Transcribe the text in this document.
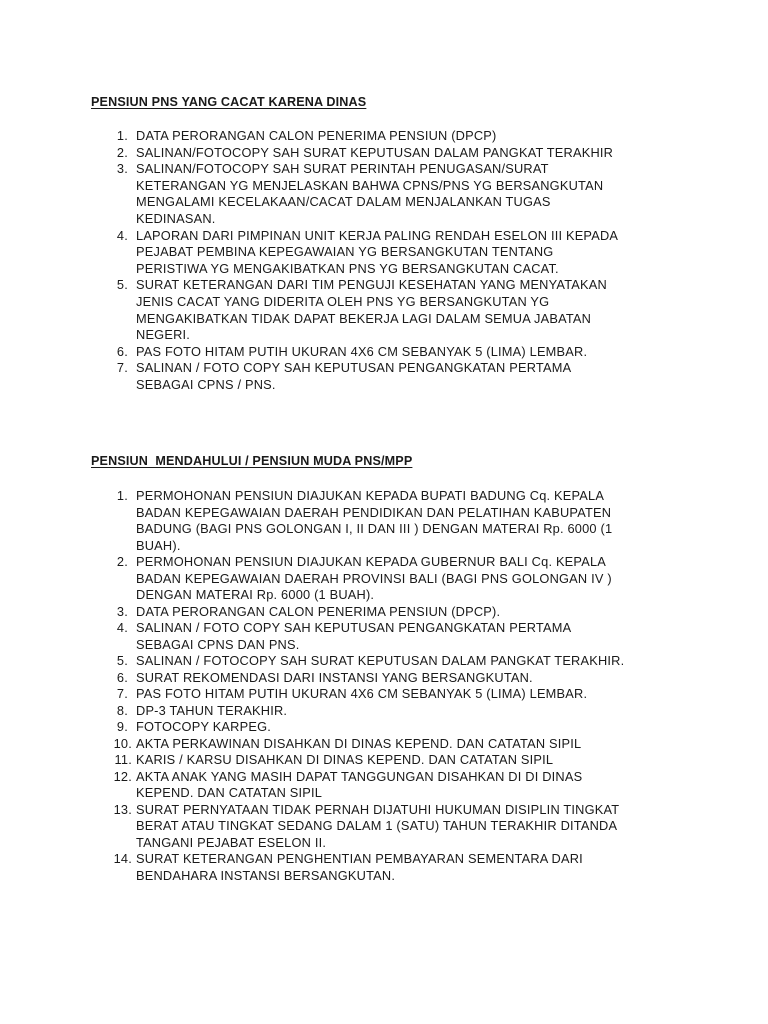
PENSIUN PNS YANG CACAT KARENA DINAS
1. DATA PERORANGAN CALON PENERIMA PENSIUN (DPCP)
2. SALINAN/FOTOCOPY SAH SURAT KEPUTUSAN DALAM PANGKAT TERAKHIR
3. SALINAN/FOTOCOPY SAH SURAT PERINTAH PENUGASAN/SURAT
KETERANGAN YG MENJELASKAN BAHWA CPNS/PNS YG BERSANGKUTAN
MENGALAMI KECELAKAAN/CACAT DALAM MENJALANKAN TUGAS
KEDINASAN.
4. LAPORAN DARI PIMPINAN UNIT KERJA PALING RENDAH ESELON III KEPADA
PEJABAT PEMBINA KEPEGAWAIAN YG BERSANGKUTAN TENTANG
PERISTIWA YG MENGAKIBATKAN PNS YG BERSANGKUTAN CACAT.
5. SURAT KETERANGAN DARI TIM PENGUJI KESEHATAN YANG MENYATAKAN
JENIS CACAT YANG DIDERITA OLEH PNS YG BERSANGKUTAN YG
MENGAKIBATKAN TIDAK DAPAT BEKERJA LAGI DALAM SEMUA JABATAN
NEGERI.
6. PAS FOTO HITAM PUTIH UKURAN 4X6 CM SEBANYAK 5 (LIMA) LEMBAR.
7. SALINAN / FOTO COPY SAH KEPUTUSAN PENGANGKATAN PERTAMA
SEBAGAI CPNS / PNS.
PENSIUN  MENDAHULUI / PENSIUN MUDA PNS/MPP
1. PERMOHONAN PENSIUN DIAJUKAN KEPADA BUPATI BADUNG Cq. KEPALA
BADAN KEPEGAWAIAN DAERAH PENDIDIKAN DAN PELATIHAN KABUPATEN
BADUNG (BAGI PNS GOLONGAN I, II DAN III ) DENGAN MATERAI Rp. 6000 (1
BUAH).
2. PERMOHONAN PENSIUN DIAJUKAN KEPADA GUBERNUR BALI Cq. KEPALA
BADAN KEPEGAWAIAN DAERAH PROVINSI BALI (BAGI PNS GOLONGAN IV )
DENGAN MATERAI Rp. 6000 (1 BUAH).
3. DATA PERORANGAN CALON PENERIMA PENSIUN (DPCP).
4. SALINAN / FOTO COPY SAH KEPUTUSAN PENGANGKATAN PERTAMA
SEBAGAI CPNS DAN PNS.
5. SALINAN / FOTOCOPY SAH SURAT KEPUTUSAN DALAM PANGKAT TERAKHIR.
6. SURAT REKOMENDASI DARI INSTANSI YANG BERSANGKUTAN.
7. PAS FOTO HITAM PUTIH UKURAN 4X6 CM SEBANYAK 5 (LIMA) LEMBAR.
8. DP-3 TAHUN TERAKHIR.
9. FOTOCOPY KARPEG.
10. AKTA PERKAWINAN DISAHKAN DI DINAS KEPEND. DAN CATATAN SIPIL
11. KARIS / KARSU DISAHKAN DI DINAS KEPEND. DAN CATATAN SIPIL
12. AKTA ANAK YANG MASIH DAPAT TANGGUNGAN DISAHKAN DI DI DINAS
KEPEND. DAN CATATAN SIPIL
13. SURAT PERNYATAAN TIDAK PERNAH DIJATUHI HUKUMAN DISIPLIN TINGKAT
BERAT ATAU TINGKAT SEDANG DALAM 1 (SATU) TAHUN TERAKHIR DITANDA
TANGANI PEJABAT ESELON II.
14. SURAT KETERANGAN PENGHENTIAN PEMBAYARAN SEMENTARA DARI
BENDAHARA INSTANSI BERSANGKUTAN.
